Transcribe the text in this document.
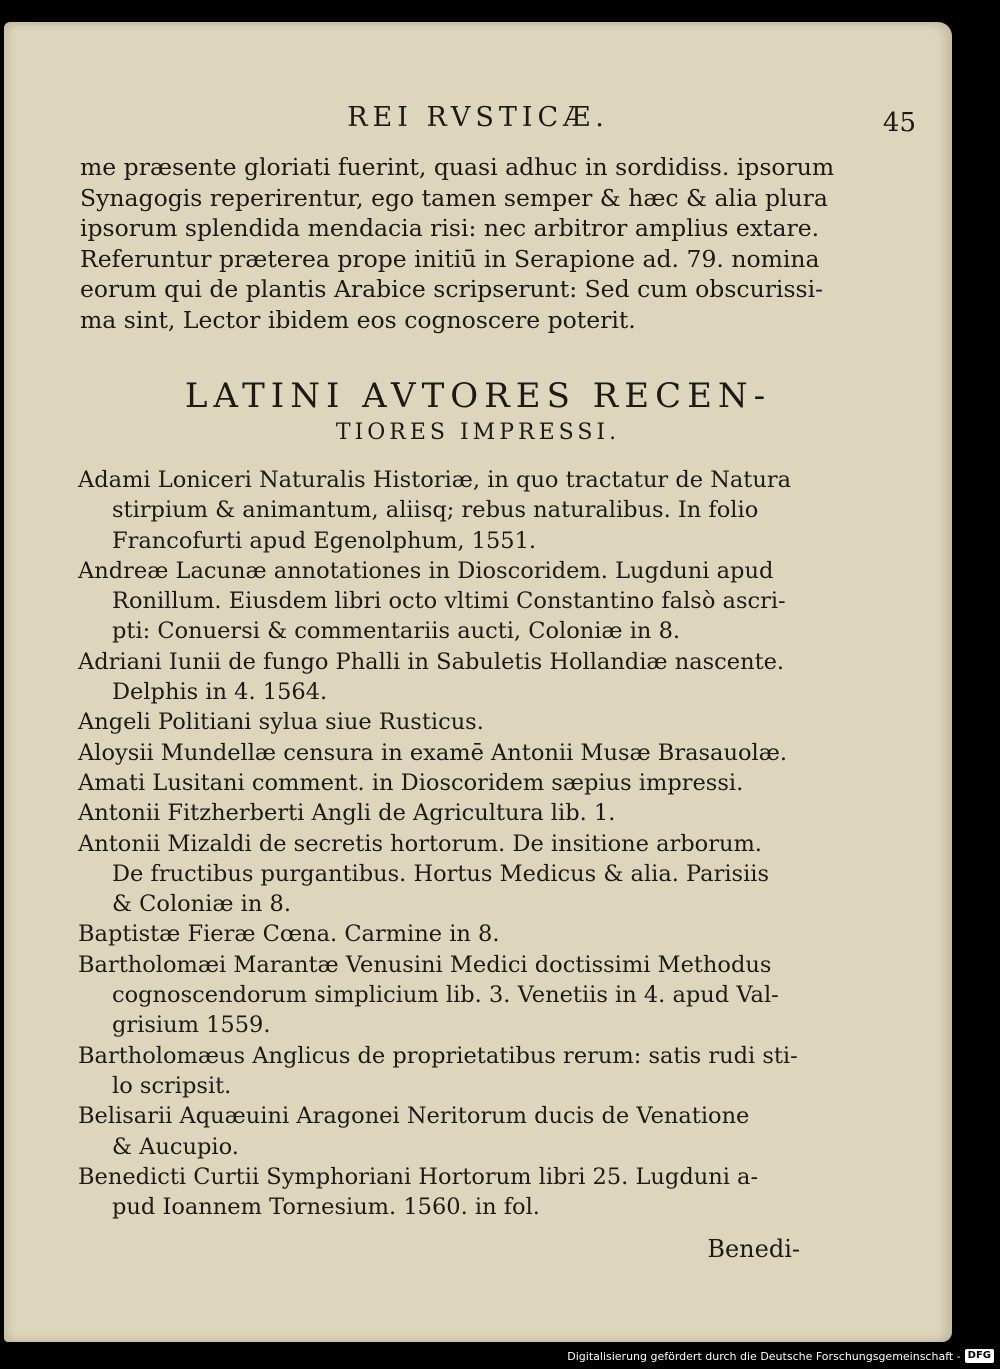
REI RVSTICÆ.	45
me præsente gloriati fuerint, quasi adhuc in sordidiss. ipsorum
Synagogis reperirentur, ego tamen semper & hæc & alia plura
ipsorum splendida mendacia risi: nec arbitror amplius extare.
Referuntur præterea prope initiū in Serapione ad. 79. nomina
eorum qui de plantis Arabice scripserunt: Sed cum obscurissi-
ma sint, Lector ibidem eos cognoscere poterit.
LATINI AVTORES RECEN-
TIORES IMPRESSI.
Adami Loniceri Naturalis Historiæ, in quo tractatur de Natura
stirpium & animantum, aliisq; rebus naturalibus. In folio
Francofurti apud Egenolphum, 1551.
Andreæ Lacunæ annotationes in Dioscoridem. Lugduni apud
Ronillum. Eiusdem libri octo vltimi Constantino falsò ascri-
pti: Conuersi & commentariis aucti, Coloniæ in 8.
Adriani Iunii de fungo Phalli in Sabuletis Hollandiæ nascente.
Delphis in 4. 1564.
Angeli Politiani sylua siue Rusticus.
Aloysii Mundellæ censura in examē Antonii Musæ Brasauolæ.
Amati Lusitani comment. in Dioscoridem sæpius impressi.
Antonii Fitzherberti Angli de Agricultura lib. 1.
Antonii Mizaldi de secretis hortorum. De insitione arborum.
De fructibus purgantibus. Hortus Medicus & alia. Parisiis
& Coloniæ in 8.
Baptistæ Fieræ Cœna. Carmine in 8.
Bartholomæi Marantæ Venusini Medici doctissimi Methodus
cognoscendorum simplicium lib. 3. Venetiis in 4. apud Val-
grisium 1559.
Bartholomæus Anglicus de proprietatibus rerum: satis rudi sti-
lo scripsit.
Belisarii Aquæuini Aragonei Neritorum ducis de Venatione
& Aucupio.
Benedicti Curtii Symphoriani Hortorum libri 25. Lugduni a-
pud Ioannem Tornesium. 1560. in fol.
Benedi-
Digitalisierung gefördert durch die Deutsche Forschungsgemeinschaft - DFG
